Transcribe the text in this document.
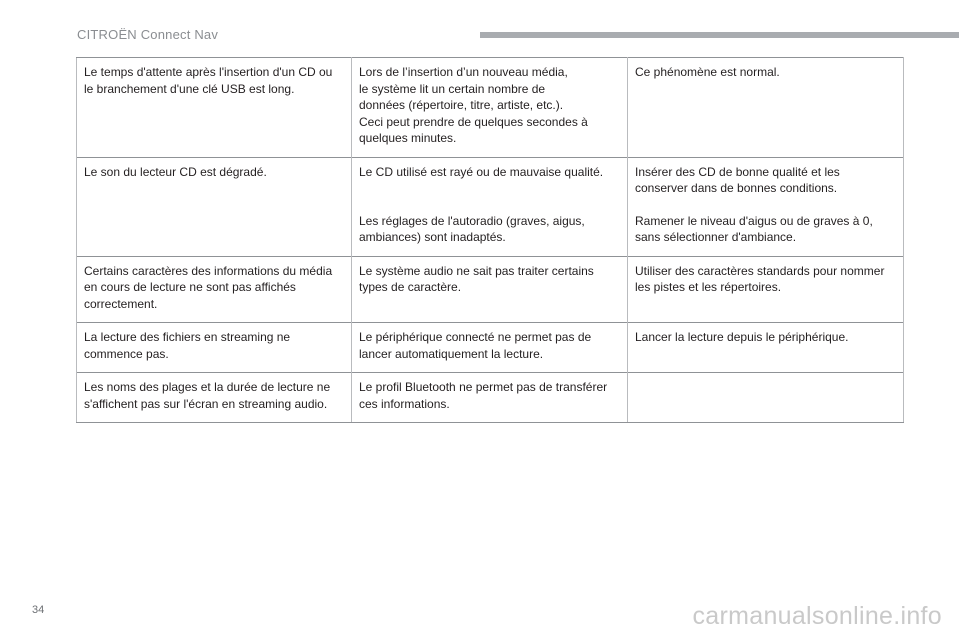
CITROËN Connect Nav
Le temps d'attente après l'insertion d'un CD ou le branchement d'une clé USB est long.	Lors de l’insertion d’un nouveau média,
le système lit un certain nombre de
données (répertoire, titre, artiste, etc.).
Ceci peut prendre de quelques secondes à
quelques minutes.	Ce phénomène est normal.
Le son du lecteur CD est dégradé.	Le CD utilisé est rayé ou de mauvaise qualité.	Insérer des CD de bonne qualité et les conserver dans de bonnes conditions.
	Les réglages de l'autoradio (graves, aigus, ambiances) sont inadaptés.	Ramener le niveau d'aigus ou de graves à 0, sans sélectionner d'ambiance.
Certains caractères des informations du média en cours de lecture ne sont pas affichés correctement.	Le système audio ne sait pas traiter certains types de caractère.	Utiliser des caractères standards pour nommer les pistes et les répertoires.
La lecture des fichiers en streaming ne commence pas.	Le périphérique connecté ne permet pas de lancer automatiquement la lecture.	Lancer la lecture depuis le périphérique.
Les noms des plages et la durée de lecture ne s'affichent pas sur l'écran en streaming audio.	Le profil Bluetooth ne permet pas de transférer ces informations.	
34	carmanualsonline.info
